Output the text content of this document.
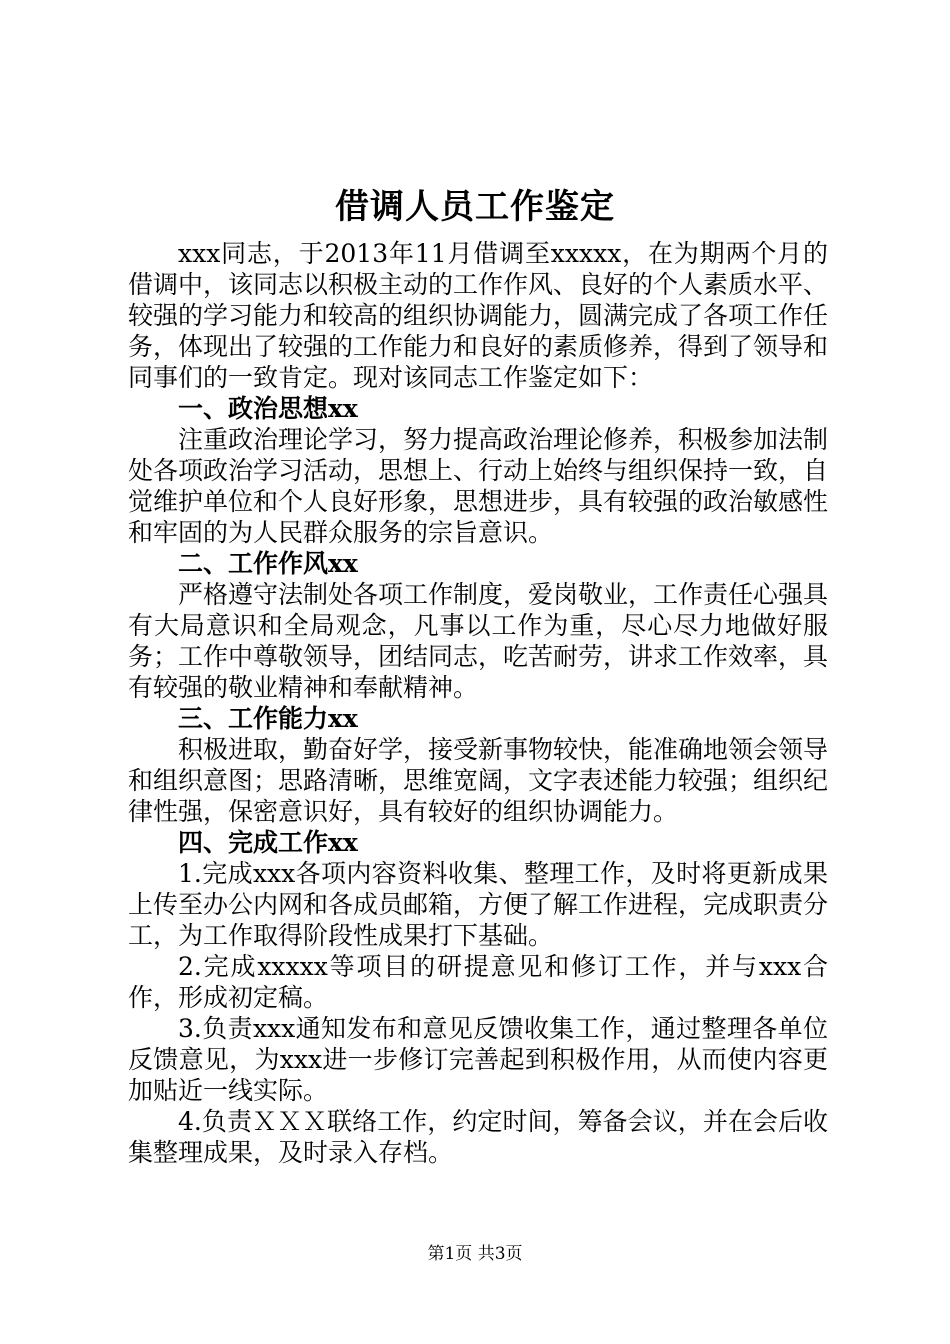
借调人员工作鉴定

xxx同志，于2013年11月借调至xxxxx，在为期两个月的借调中，该同志以积极主动的工作作风、良好的个人素质水平、较强的学习能力和较高的组织协调能力，圆满完成了各项工作任务，体现出了较强的工作能力和良好的素质修养，得到了领导和同事们的一致肯定。现对该同志工作鉴定如下：

一、政治思想xx

注重政治理论学习，努力提高政治理论修养，积极参加法制处各项政治学习活动，思想上、行动上始终与组织保持一致，自觉维护单位和个人良好形象，思想进步，具有较强的政治敏感性和牢固的为人民群众服务的宗旨意识。

二、工作作风xx

严格遵守法制处各项工作制度，爱岗敬业，工作责任心强具有大局意识和全局观念，凡事以工作为重，尽心尽力地做好服务；工作中尊敬领导，团结同志，吃苦耐劳，讲求工作效率，具有较强的敬业精神和奉献精神。

三、工作能力xx

积极进取，勤奋好学，接受新事物较快，能准确地领会领导和组织意图；思路清晰，思维宽阔，文字表述能力较强；组织纪律性强，保密意识好，具有较好的组织协调能力。

四、完成工作xx

1.完成xxx各项内容资料收集、整理工作，及时将更新成果上传至办公内网和各成员邮箱，方便了解工作进程，完成职责分工，为工作取得阶段性成果打下基础。

2.完成xxxxx等项目的研提意见和修订工作，并与xxx合作，形成初定稿。

3.负责xxx通知发布和意见反馈收集工作，通过整理各单位反馈意见，为xxx进一步修订完善起到积极作用，从而使内容更加贴近一线实际。

4.负责ＸＸＸ联络工作，约定时间，筹备会议，并在会后收集整理成果，及时录入存档。

第1页 共3页
